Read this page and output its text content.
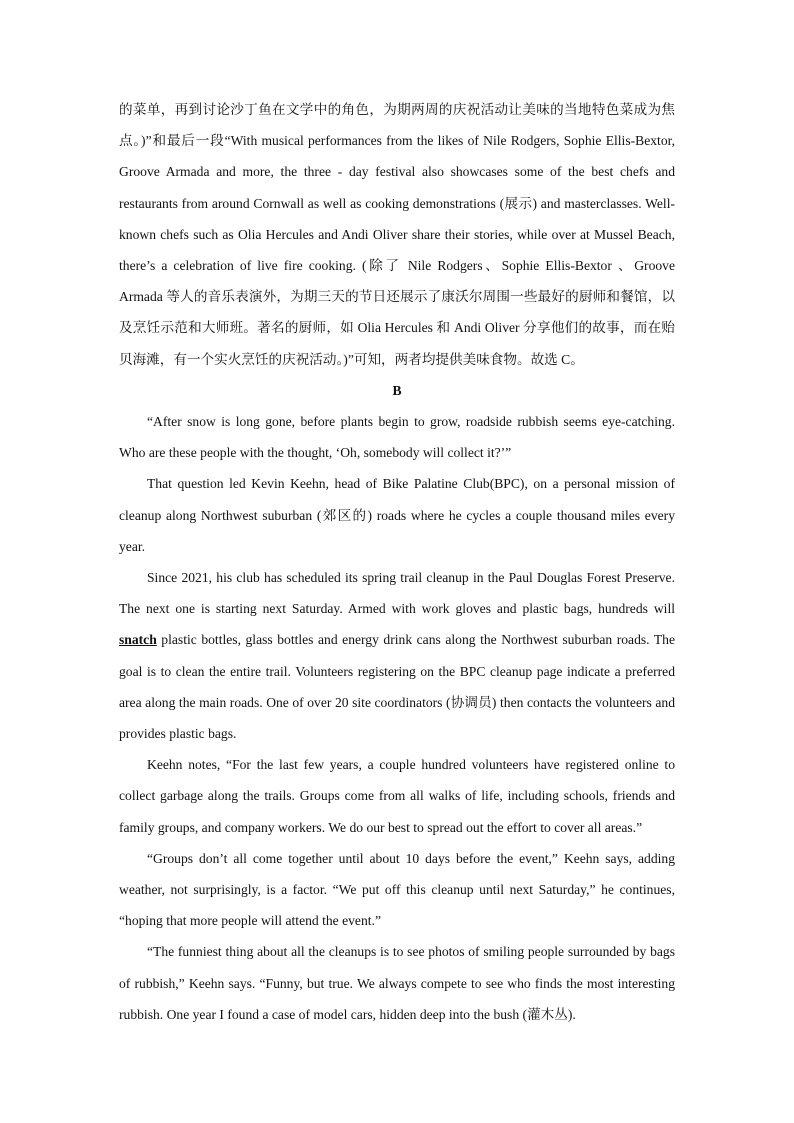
的菜单，再到讨论沙丁鱼在文学中的角色，为期两周的庆祝活动让美味的当地特色菜成为焦点。)”和最后一段“With musical performances from the likes of Nile Rodgers, Sophie Ellis-Bextor, Groove Armada and more, the three - day festival also showcases some of the best chefs and restaurants from around Cornwall as well as cooking demonstrations (展示) and masterclasses. Well-known chefs such as Olia Hercules and Andi Oliver share their stories, while over at Mussel Beach, there’s a celebration of live fire cooking. (除了 Nile Rodgers、Sophie Ellis-Bextor 、Groove Armada 等人的音乐表演外，为期三天的节日还展示了康沃尔周围一些最好的厨师和餐馆，以及烹饪示范和大师班。著名的厨师，如 Olia Hercules 和 Andi Oliver 分享他们的故事，而在贻贝海滩，有一个实火烹饪的庆祝活动。)”可知，两者均提供美味食物。故选 C。

B

“After snow is long gone, before plants begin to grow, roadside rubbish seems eye-catching. Who are these people with the thought, ‘Oh, somebody will collect it?’”

That question led Kevin Keehn, head of Bike Palatine Club(BPC), on a personal mission of cleanup along Northwest suburban (郊区的) roads where he cycles a couple thousand miles every year.

Since 2021, his club has scheduled its spring trail cleanup in the Paul Douglas Forest Preserve. The next one is starting next Saturday. Armed with work gloves and plastic bags, hundreds will snatch plastic bottles, glass bottles and energy drink cans along the Northwest suburban roads. The goal is to clean the entire trail. Volunteers registering on the BPC cleanup page indicate a preferred area along the main roads. One of over 20 site coordinators (协调员) then contacts the volunteers and provides plastic bags.

Keehn notes, “For the last few years, a couple hundred volunteers have registered online to collect garbage along the trails. Groups come from all walks of life, including schools, friends and family groups, and company workers. We do our best to spread out the effort to cover all areas.”

“Groups don’t all come together until about 10 days before the event,” Keehn says, adding weather, not surprisingly, is a factor. “We put off this cleanup until next Saturday,” he continues, “hoping that more people will attend the event.”

“The funniest thing about all the cleanups is to see photos of smiling people surrounded by bags of rubbish,” Keehn says. “Funny, but true. We always compete to see who finds the most interesting rubbish. One year I found a case of model cars, hidden deep into the bush (灌木丛).
